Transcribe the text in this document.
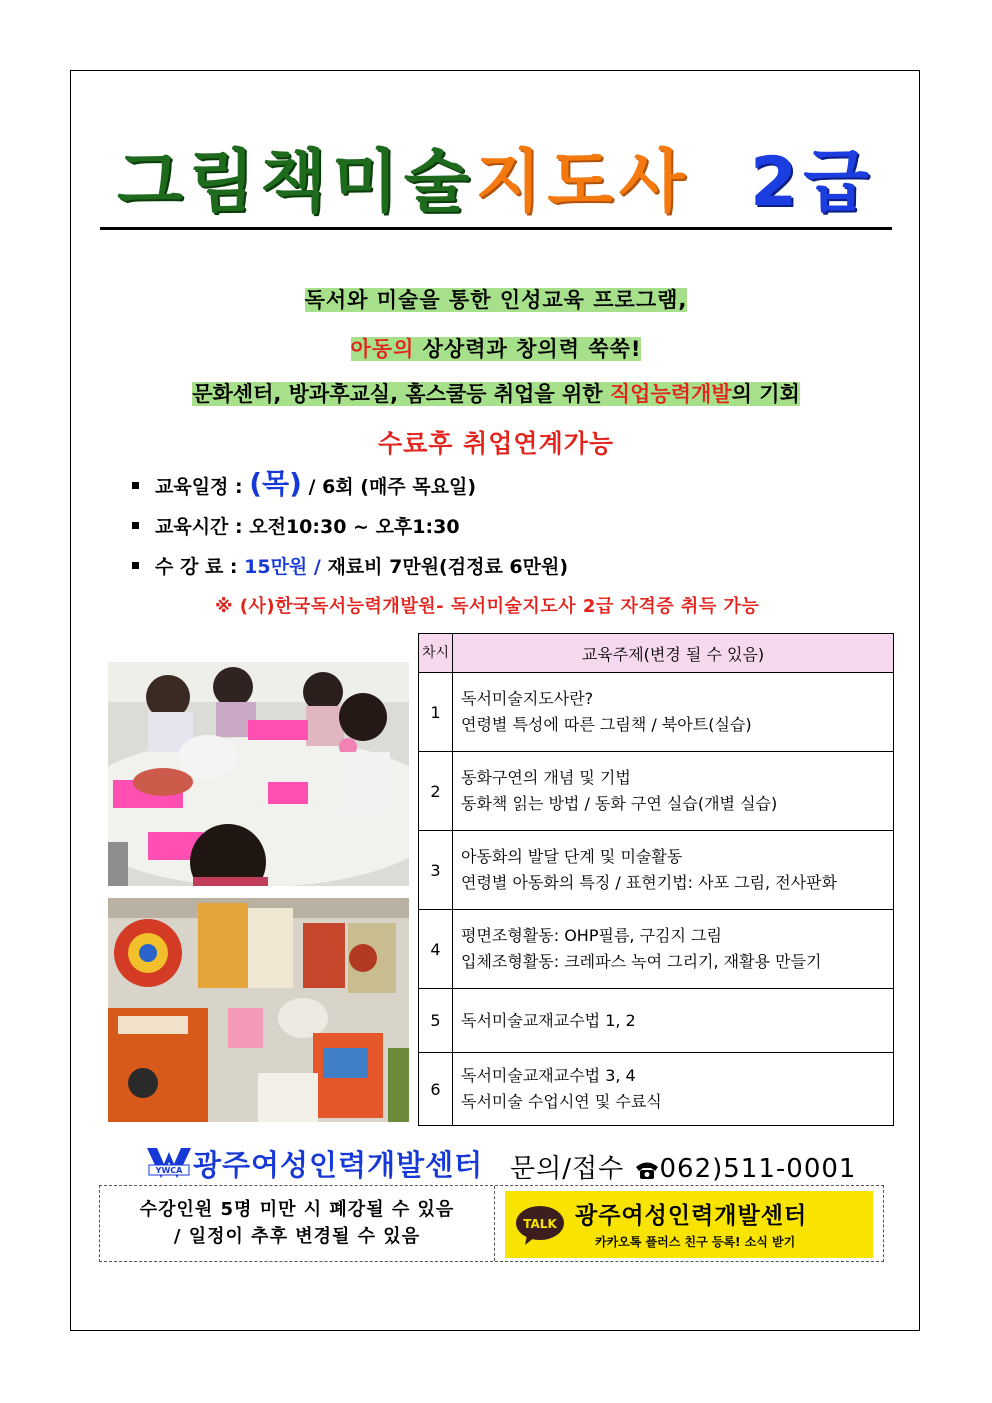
그림책미술지도사 2급
독서와 미술을 통한 인성교육 프로그램,
아동의 상상력과 창의력 쑥쑥!
문화센터, 방과후교실, 홈스쿨등 취업을 위한 직업능력개발의 기회
수료후 취업연계가능
교육일정 : (목) / 6회 (매주 목요일)
교육시간 : 오전10:30 ~ 오후1:30
수 강 료 : 15만원 / 재료비 7만원(검정료 6만원)
※ (사)한국독서능력개발원- 독서미술지도사 2급 자격증 취득 가능
차시	교육주제(변경 될 수 있음)
1	독서미술지도사란?
연령별 특성에 따른 그림책 / 북아트(실습)

2	동화구연의 개념 및 기법
동화책 읽는 방법 / 동화 구연 실습(개별 실습)

3	아동화의 발달 단계 및 미술활동
연령별 아동화의 특징 / 표현기법: 사포 그림, 전사판화

4	평면조형활동: OHP필름, 구김지 그림
입체조형활동: 크레파스 녹여 그리기, 재활용 만들기

5	독서미술교재교수법 1, 2

6	독서미술교재교수법 3, 4
독서미술 수업시연 및 수료식
YWCA 광주여성인력개발센터 문의/접수 062)511-0001
수강인원 5명 미만 시 폐강될 수 있음
/ 일정이 추후 변경될 수 있음
TALK 광주여성인력개발센터
카카오톡 플러스 친구 등록! 소식 받기
